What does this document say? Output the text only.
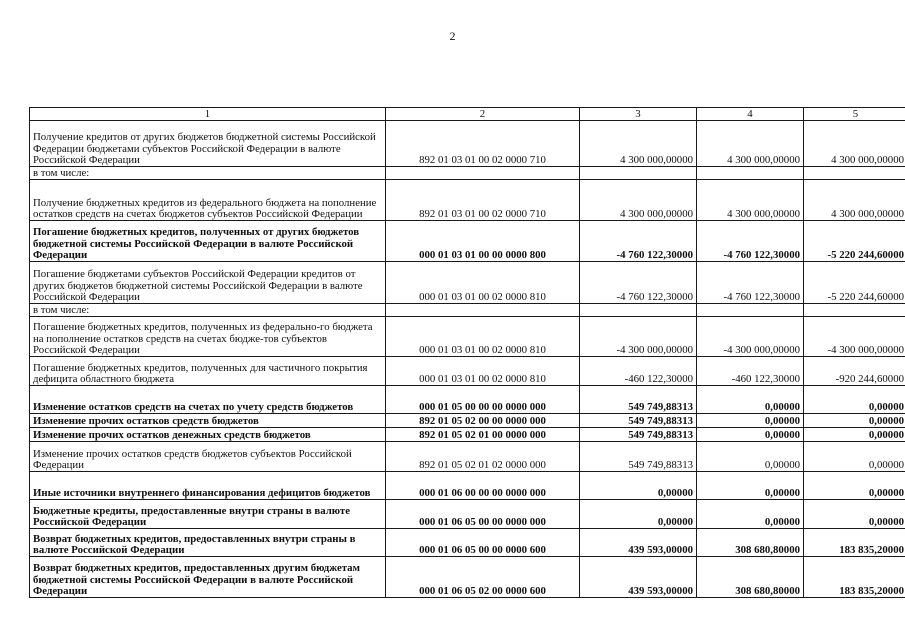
2
1	2	3	4	5
Получение кредитов от других бюджетов бюджетной системы Российской Федерации бюджетами субъектов Российской Федерации в валюте Российской Федерации	892 01 03 01 00 02 0000 710	4 300 000,00000	4 300 000,00000	4 300 000,00000
в том числе:				
Получение бюджетных кредитов из федерального бюджета на пополнение остатков средств на счетах бюджетов субъектов Российской Федерации	892 01 03 01 00 02 0000 710	4 300 000,00000	4 300 000,00000	4 300 000,00000
Погашение бюджетных кредитов, полученных от других бюджетов бюджетной системы Российской Федерации в валюте Российской Федерации	000 01 03 01 00 00 0000 800	-4 760 122,30000	-4 760 122,30000	-5 220 244,60000
Погашение бюджетами субъектов Российской Федерации кредитов от других бюджетов бюджетной системы Российской Федерации в валюте Российской Федерации	000 01 03 01 00 02 0000 810	-4 760 122,30000	-4 760 122,30000	-5 220 244,60000
в том числе:				
Погашение бюджетных кредитов, полученных из федерально-го бюджета на пополнение остатков средств на счетах бюдже-тов субъектов Российской Федерации	000 01 03 01 00 02 0000 810	-4 300 000,00000	-4 300 000,00000	-4 300 000,00000
Погашение бюджетных кредитов, полученных для частичного покрытия дефицита областного бюджета	000 01 03 01 00 02 0000 810	-460 122,30000	-460 122,30000	-920 244,60000
Изменение остатков средств на счетах по учету средств бюджетов	000 01 05 00 00 00 0000 000	549 749,88313	0,00000	0,00000
Изменение прочих остатков средств бюджетов	892 01 05 02 00 00 0000 000	549 749,88313	0,00000	0,00000
Изменение прочих остатков денежных средств бюджетов	892 01 05 02 01 00 0000 000	549 749,88313	0,00000	0,00000
Изменение прочих остатков средств бюджетов субъектов Российской Федерации	892 01 05 02 01 02 0000 000	549 749,88313	0,00000	0,00000
Иные источники внутреннего финансирования дефицитов бюджетов	000 01 06 00 00 00 0000 000	0,00000	0,00000	0,00000
Бюджетные кредиты, предоставленные внутри страны в валюте Российской Федерации	000 01 06 05 00 00 0000 000	0,00000	0,00000	0,00000
Возврат бюджетных кредитов, предоставленных внутри страны в валюте Российской Федерации	000 01 06 05 00 00 0000 600	439 593,00000	308 680,80000	183 835,20000
Возврат бюджетных кредитов, предоставленных другим бюджетам бюджетной системы Российской Федерации в валюте Российской Федерации	000 01 06 05 02 00 0000 600	439 593,00000	308 680,80000	183 835,20000
